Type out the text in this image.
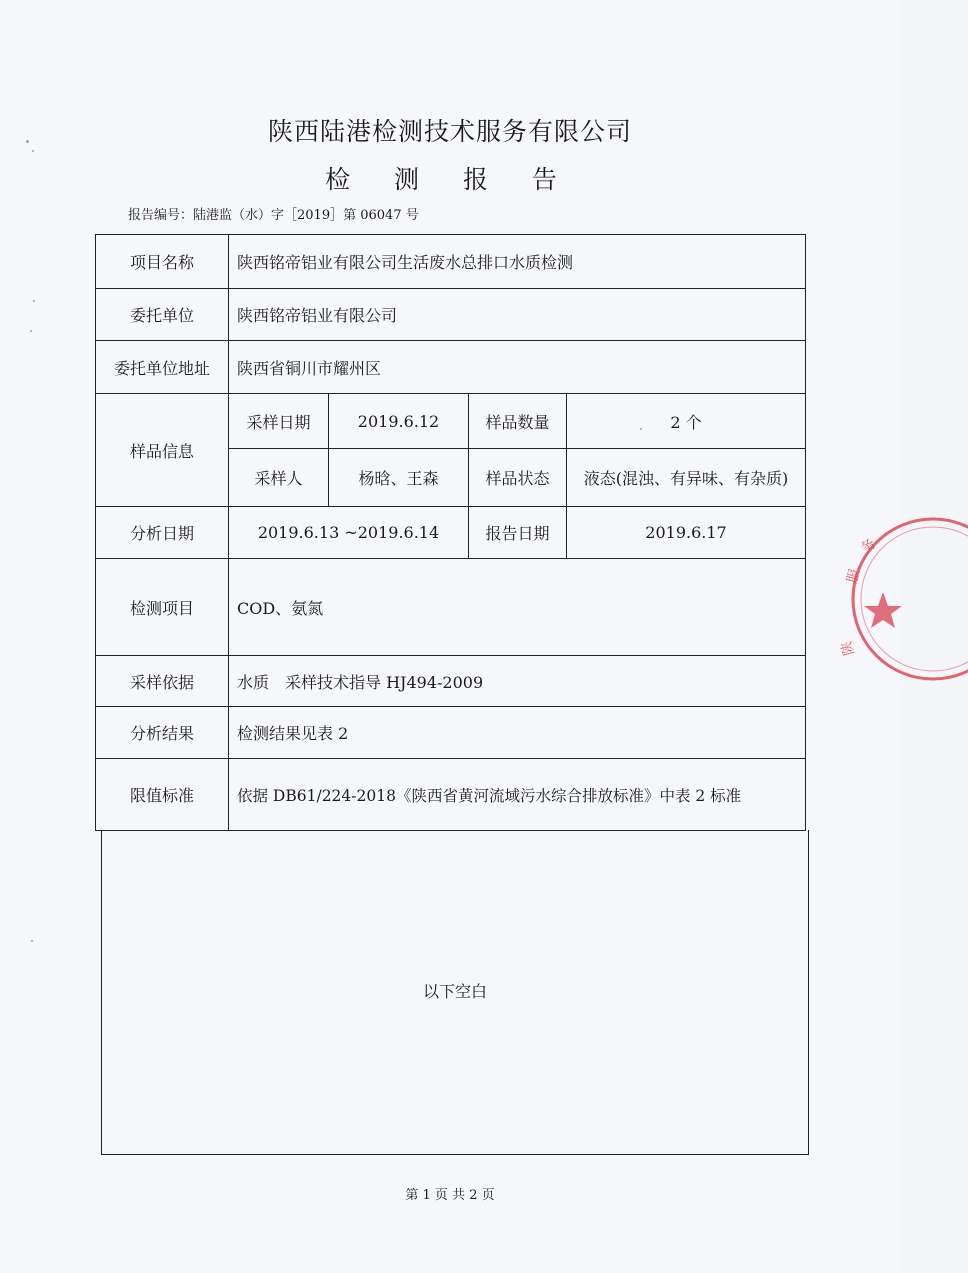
陕西陆港检测技术服务有限公司
检 测 报 告
报告编号：陆港监（水）字［2019］第 06047 号
项目名称	陕西铭帝铝业有限公司生活废水总排口水质检测
委托单位	陕西铭帝铝业有限公司
委托单位地址	陕西省铜川市耀州区
样品信息
采样日期	2019.6.12	样品数量	2 个
采样人	杨晗、王森	样品状态	液态(混浊、有异味、有杂质)
分析日期	2019.6.13 ~2019.6.14	报告日期	2019.6.17
检测项目	COD、氨氮
采样依据	水质　采样技术指导 HJ494-2009
分析结果	检测结果见表 2
限值标准	依据 DB61/224-2018《陕西省黄河流域污水综合排放标准》中表 2 标准
以下空白
第 1 页 共 2 页
务
服
陕
